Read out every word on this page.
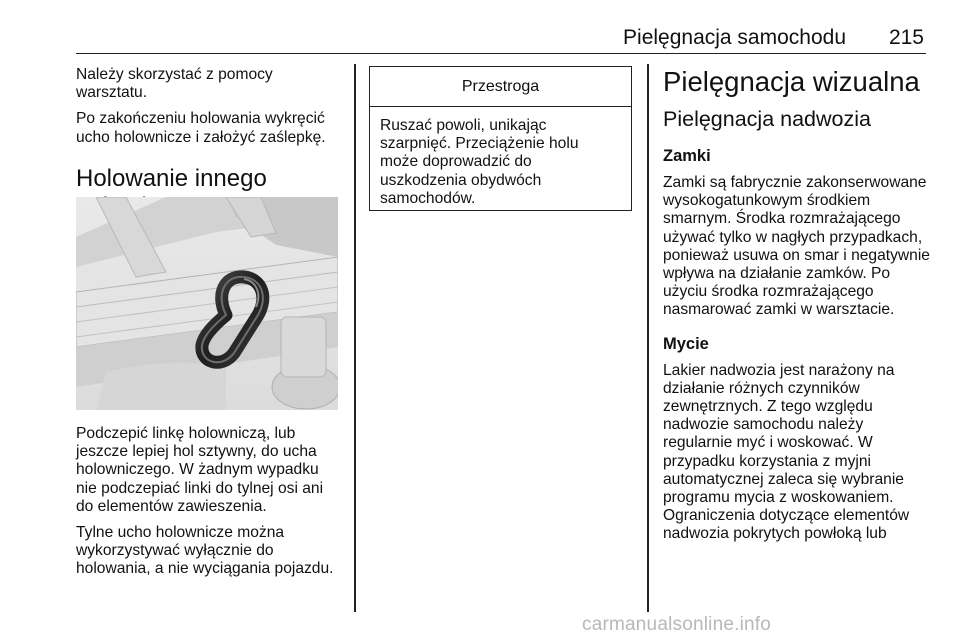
Pielęgnacja samochodu 215

Należy skorzystać z pomocy warsztatu.

Po zakończeniu holowania wykręcić ucho holownicze i założyć zaślepkę.

Holowanie innego

Podczepić linkę holowniczą, lub jeszcze lepiej hol sztywny, do ucha holowniczego. W żadnym wypadku nie podczepiać linki do tylnej osi ani do elementów zawieszenia.

Tylne ucho holownicze można wykorzystywać wyłącznie do holowania, a nie wyciągania pojazdu.

Przestroga
Ruszać powoli, unikając szarpnięć. Przeciążenie holu może doprowadzić do uszkodzenia obydwóch samochodów.
Pielęgnacja wizualna
Pielęgnacja nadwozia
Zamki

Zamki są fabrycznie zakonserwowane wysokogatunkowym środkiem smarnym. Środka rozmrażającego używać tylko w nagłych przypadkach, ponieważ usuwa on smar i negatywnie wpływa na działanie zamków. Po użyciu środka rozmrażającego nasmarować zamki w warsztacie.

Mycie

Lakier nadwozia jest narażony na działanie różnych czynników zewnętrznych. Z tego względu nadwozie samochodu należy regularnie myć i woskować. W przypadku korzystania z myjni automatycznej zaleca się wybranie programu mycia z woskowaniem. Ograniczenia dotyczące elementów nadwozia pokrytych powłoką lub

carmanualsonline.info
